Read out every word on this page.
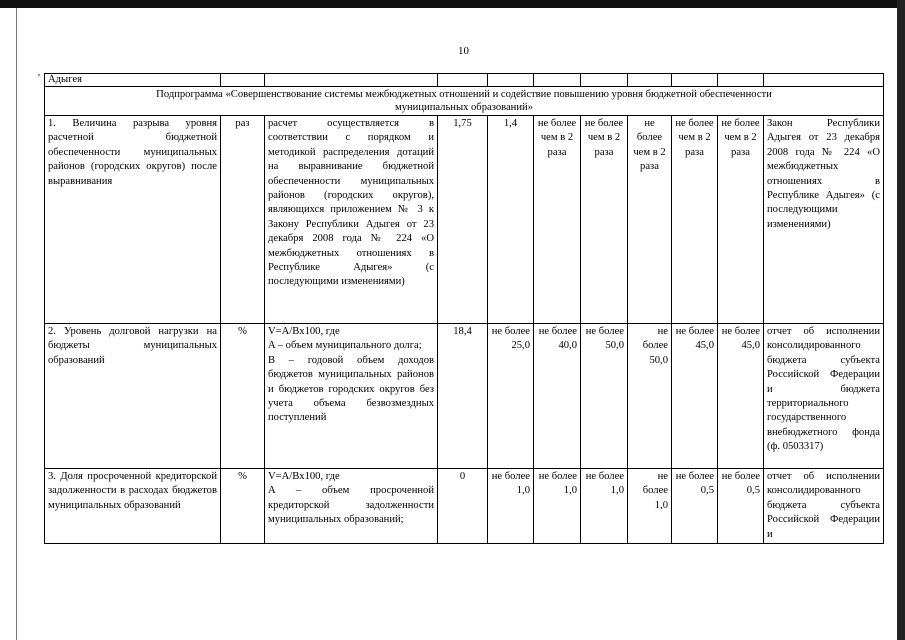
10
' Адыгея										

Подпрограмма «Совершенствование системы межбюджетных отношений и содействие повышению уровня бюджетной обеспеченности
муниципальных образований»										

1. Величина разрыва уровня расчетной бюджетной обеспеченности муниципальных районов (городских округов) после выравнивания	раз	расчет осуществляется в соответствии с порядком и методикой распределения дотаций на выравнивание бюджетной обеспеченности муниципальных районов (городских округов), являющихся приложением № 3 к Закону Республики Адыгея от 23 декабря 2008 года № 224 «О межбюджетных отношениях в Республике Адыгея» (с последующими изменениями)	1,75	1,4	не более чем в 2 раза	не более чем в 2 раза	не более чем в 2 раза	не более чем в 2 раза	не более чем в 2 раза	Закон Республики Адыгея от 23 декабря 2008 года № 224 «О межбюджетных отношениях в Республике Адыгея» (с последующими изменениями)
2. Уровень долговой нагрузки на бюджеты муниципальных образований	%	V=A/Bx100, где
A – объем муниципального долга;
B – годовой объем доходов бюджетов муниципальных районов и бюджетов городских округов без учета объема безвозмездных поступлений	18,4	не более 25,0	не более 40,0	не более 50,0	не более 50,0	не более 45,0	не более 45,0	отчет об исполнении консолидированного бюджета субъекта Российской Федерации и бюджета территориального государственного внебюджетного фонда (ф. 0503317)
3. Доля просроченной кредиторской задолженности в расходах бюджетов муниципальных образований	%	V=A/Bx100, где
A – объем просроченной кредиторской задолженности муниципальных образований;	0	не более 1,0	не более 1,0	не более 1,0	не более 1,0	не более 0,5	не более 0,5	отчет об исполнении консолидированного бюджета субъекта Российской Федерации и
